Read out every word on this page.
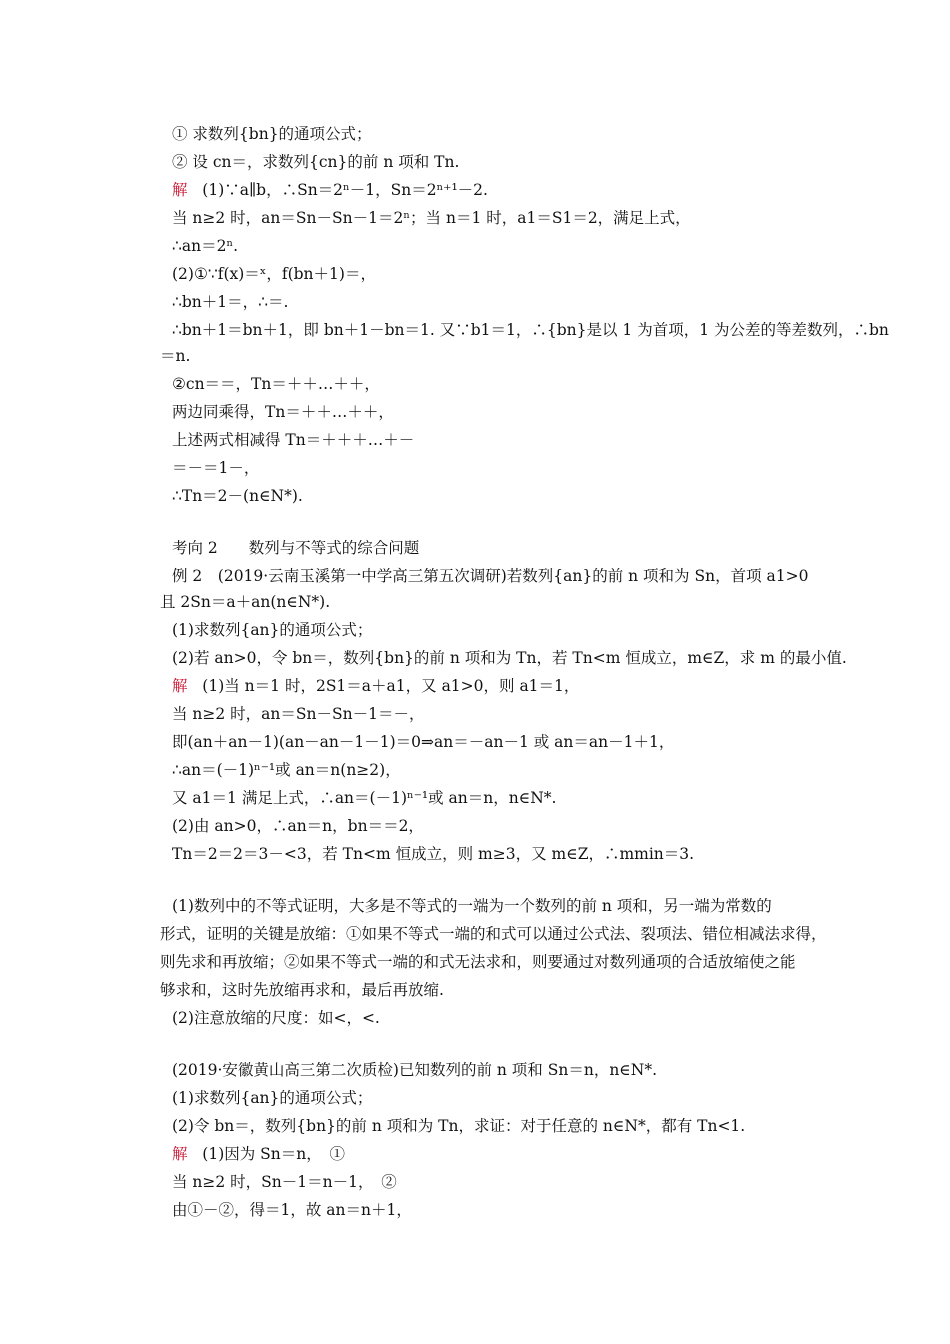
① 求数列{bn}的通项公式；
② 设 cn＝，求数列{cn}的前 n 项和 Tn.
解 (1)∵a∥b，∴Sn＝2ⁿ－1，Sn＝2ⁿ⁺¹－2.
当 n≥2 时，an＝Sn－Sn－1＝2ⁿ；当 n＝1 时，a1＝S1＝2，满足上式，
∴an＝2ⁿ.
(2)①∵f(x)＝ˣ，f(bn＋1)＝，
∴bn＋1＝，∴＝.
∴bn＋1＝bn＋1，即 bn＋1－bn＝1. 又∵b1＝1，∴{bn}是以 1 为首项，1 为公差的等差数列，∴bn
＝n.
②cn＝＝，Tn＝＋＋…＋＋，
两边同乘得，Tn＝＋＋…＋＋，
上述两式相减得 Tn＝＋＋＋…＋－
＝－＝1－，
∴Tn＝2－(n∈N*).
考向 2　　数列与不等式的综合问题
例 2　(2019·云南玉溪第一中学高三第五次调研)若数列{an}的前 n 项和为 Sn，首项 a1>0
且 2Sn＝a＋an(n∈N*).
(1)求数列{an}的通项公式；
(2)若 an>0，令 bn＝，数列{bn}的前 n 项和为 Tn，若 Tn<m 恒成立，m∈Z，求 m 的最小值.
解 (1)当 n＝1 时，2S1＝a＋a1，又 a1>0，则 a1＝1，
当 n≥2 时，an＝Sn－Sn－1＝－，
即(an＋an－1)(an－an－1－1)＝0⇒an＝－an－1 或 an＝an－1＋1，
∴an＝(－1)ⁿ⁻¹或 an＝n(n≥2)，
又 a1＝1 满足上式，∴an＝(－1)ⁿ⁻¹或 an＝n，n∈N*.
(2)由 an>0，∴an＝n，bn＝＝2，
Tn＝2＝2＝3－<3，若 Tn<m 恒成立，则 m≥3，又 m∈Z，∴mmin＝3.
(1)数列中的不等式证明，大多是不等式的一端为一个数列的前 n 项和，另一端为常数的
形式，证明的关键是放缩：①如果不等式一端的和式可以通过公式法、裂项法、错位相减法求得，
则先求和再放缩；②如果不等式一端的和式无法求和，则要通过对数列通项的合适放缩使之能
够求和，这时先放缩再求和，最后再放缩.
(2)注意放缩的尺度：如<，<.
(2019·安徽黄山高三第二次质检)已知数列的前 n 项和 Sn＝n，n∈N*.
(1)求数列{an}的通项公式；
(2)令 bn＝，数列{bn}的前 n 项和为 Tn，求证：对于任意的 n∈N*，都有 Tn<1.
解 (1)因为 Sn＝n，　①
当 n≥2 时，Sn－1＝n－1，　②
由①－②，得＝1，故 an＝n＋1，
